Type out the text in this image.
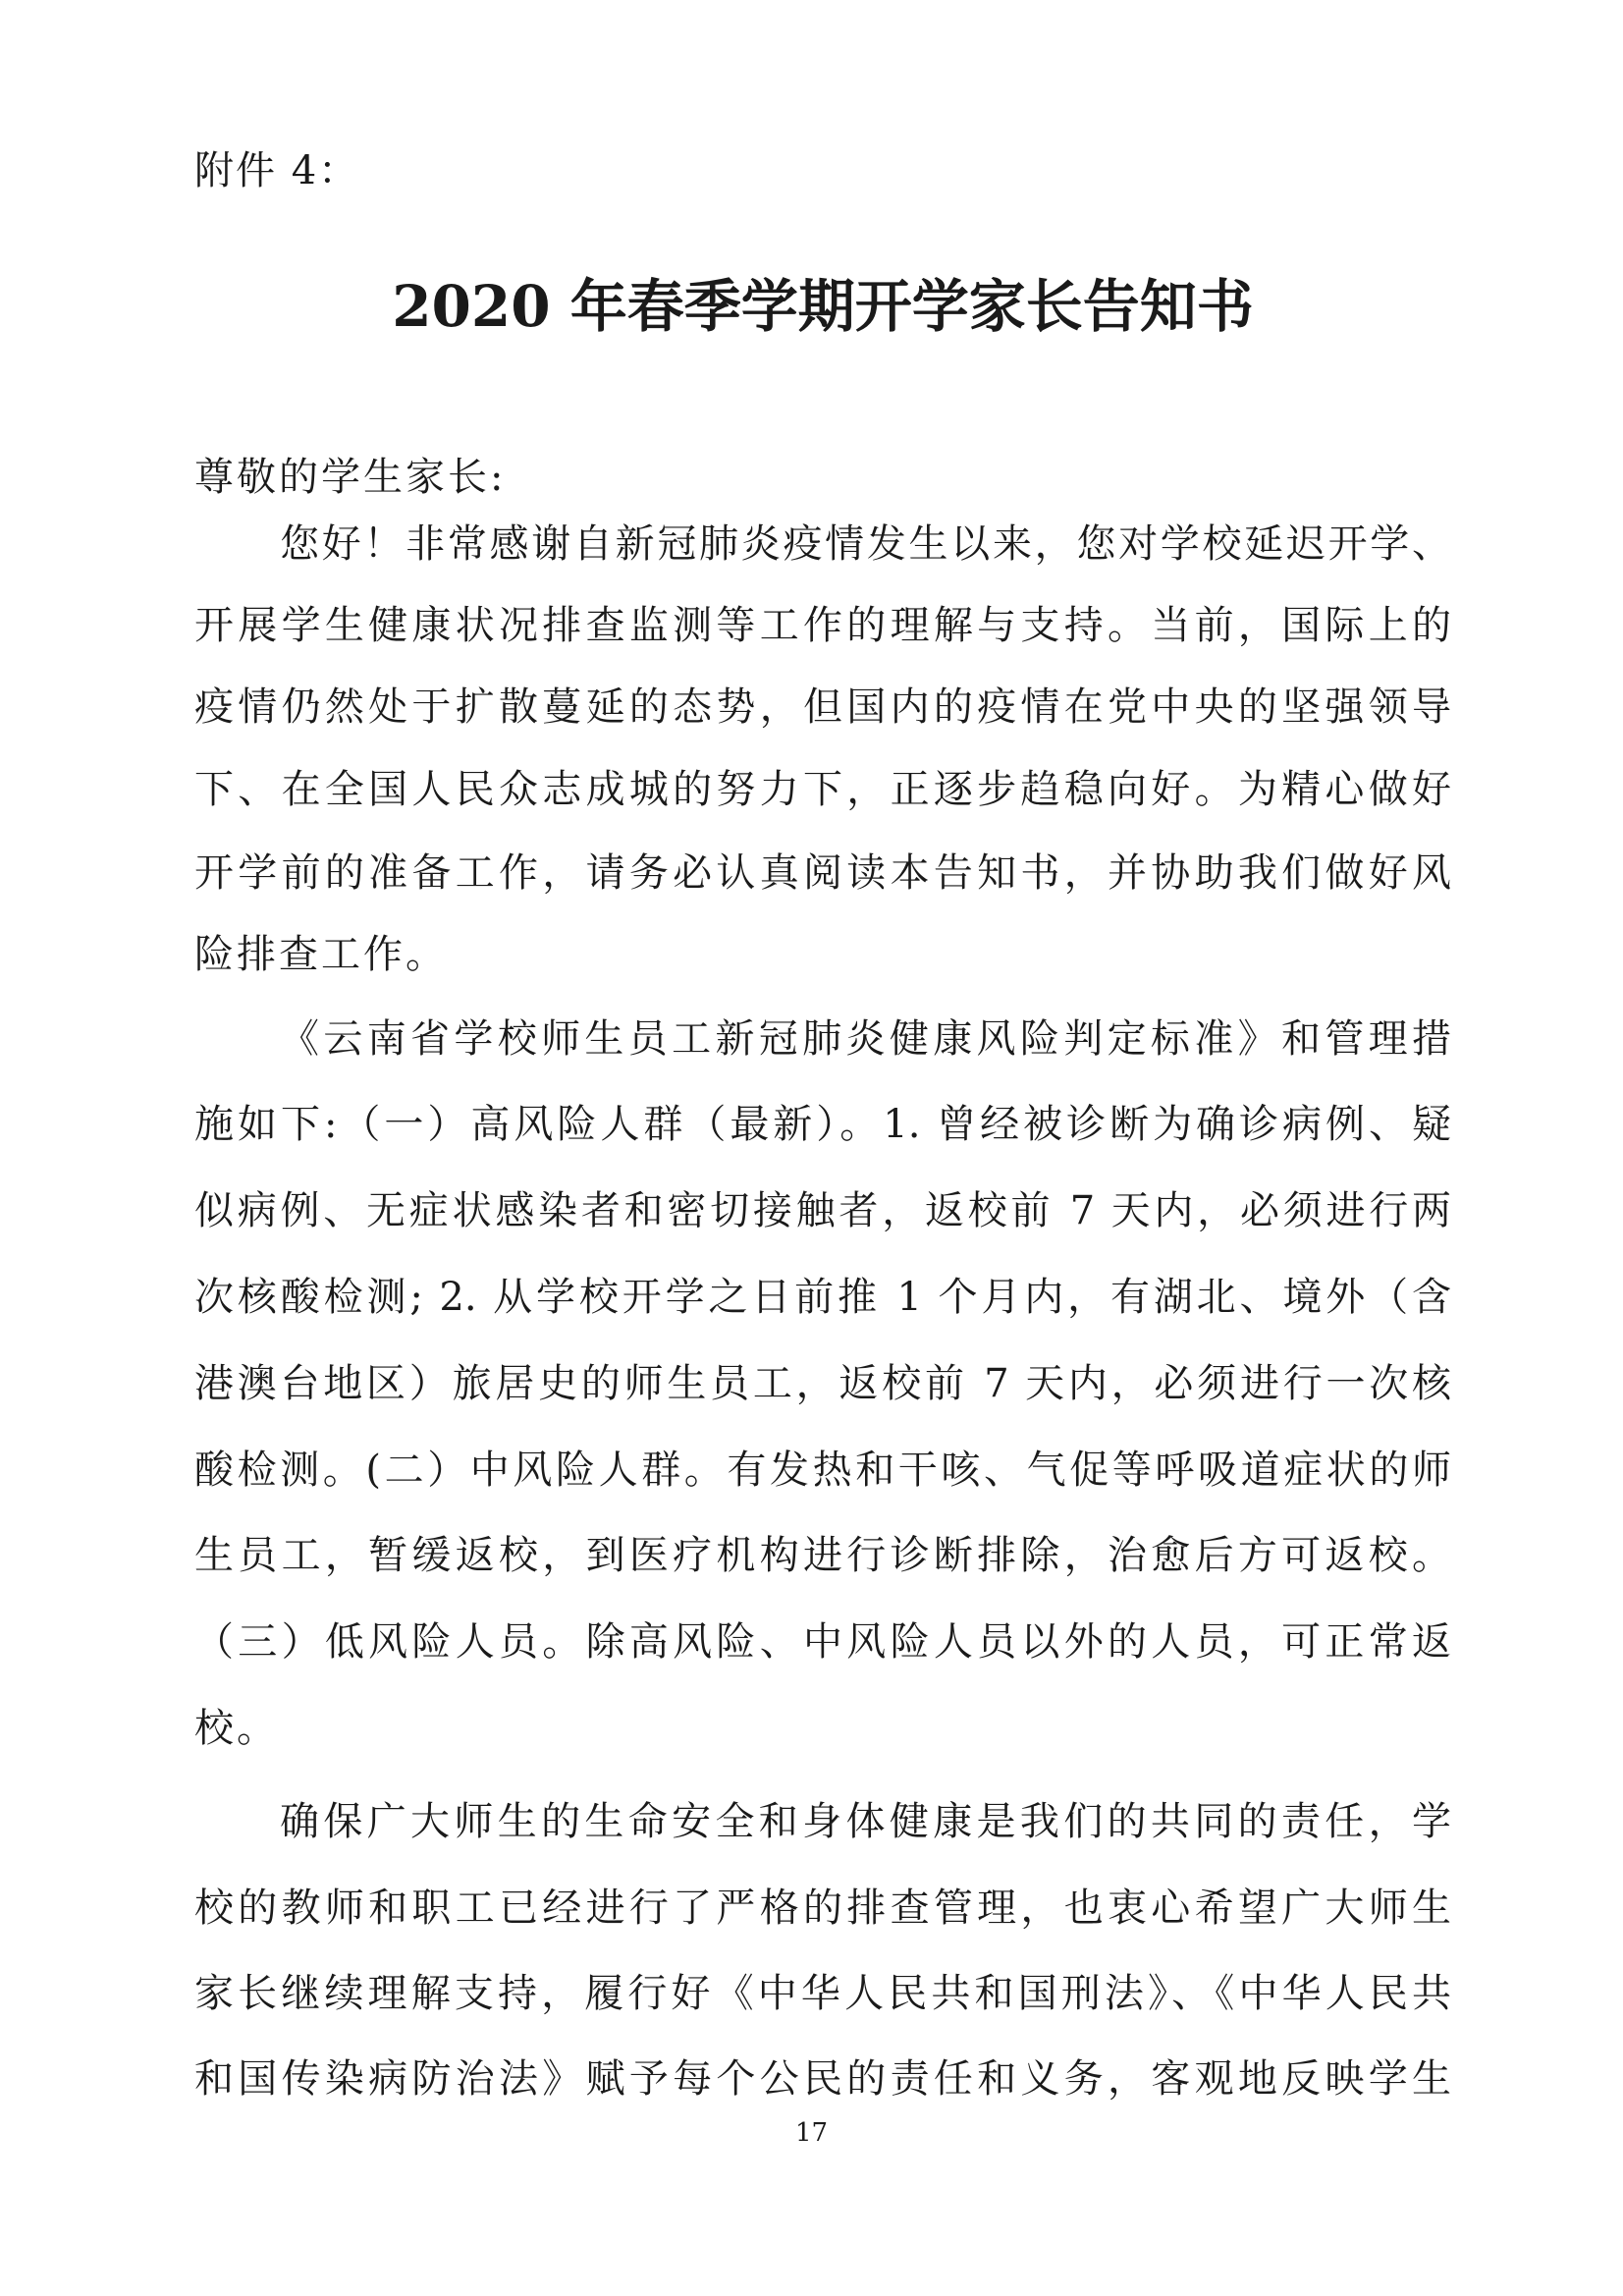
附件 4：
2020 年春季学期开学家长告知书
尊敬的学生家长:
您好！非常感谢自新冠肺炎疫情发生以来，您对学校延迟开学、
开展学生健康状况排查监测等工作的理解与支持。当前，国际上的
疫情仍然处于扩散蔓延的态势，但国内的疫情在党中央的坚强领导
下、在全国人民众志成城的努力下，正逐步趋稳向好。为精心做好
开学前的准备工作，请务必认真阅读本告知书，并协助我们做好风
险排查工作。
《云南省学校师生员工新冠肺炎健康风险判定标准》和管理措
施如下:（一）高风险人群（最新）。1. 曾经被诊断为确诊病例、疑
似病例、无症状感染者和密切接触者，返校前 7 天内，必须进行两
次核酸检测; 2. 从学校开学之日前推 1 个月内，有湖北、境外（含
港澳台地区）旅居史的师生员工，返校前 7 天内，必须进行一次核
酸检测。(二）中风险人群。有发热和干咳、气促等呼吸道症状的师
生员工，暂缓返校，到医疗机构进行诊断排除，治愈后方可返校。
（三）低风险人员。除高风险、中风险人员以外的人员，可正常返
校。
确保广大师生的生命安全和身体健康是我们的共同的责任，学
校的教师和职工已经进行了严格的排查管理，也衷心希望广大师生
家长继续理解支持，履行好《中华人民共和国刑法》、《中华人民共
和国传染病防治法》赋予每个公民的责任和义务，客观地反映学生
17
